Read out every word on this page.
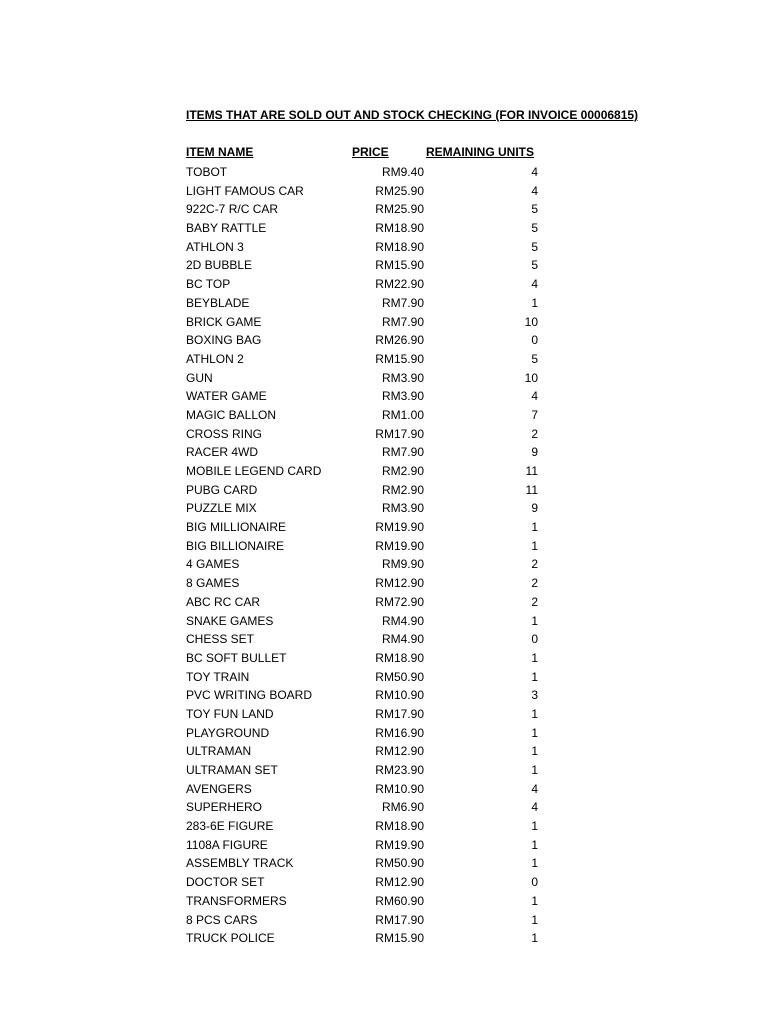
ITEMS THAT ARE SOLD OUT AND STOCK CHECKING (FOR INVOICE 00006815)
ITEM NAME	PRICE	REMAINING UNITS
TOBOT	RM9.40	4
LIGHT FAMOUS CAR	RM25.90	4
922C-7 R/C CAR	RM25.90	5
BABY RATTLE	RM18.90	5
ATHLON 3	RM18.90	5
2D BUBBLE	RM15.90	5
BC TOP	RM22.90	4
BEYBLADE	RM7.90	1
BRICK GAME	RM7.90	10
BOXING BAG	RM26.90	0
ATHLON 2	RM15.90	5
GUN	RM3.90	10
WATER GAME	RM3.90	4
MAGIC BALLON	RM1.00	7
CROSS RING	RM17.90	2
RACER 4WD	RM7.90	9
MOBILE LEGEND CARD	RM2.90	11
PUBG CARD	RM2.90	11
PUZZLE MIX	RM3.90	9
BIG MILLIONAIRE	RM19.90	1
BIG BILLIONAIRE	RM19.90	1
4 GAMES	RM9.90	2
8 GAMES	RM12.90	2
ABC RC CAR	RM72.90	2
SNAKE GAMES	RM4.90	1
CHESS SET	RM4.90	0
BC SOFT BULLET	RM18.90	1
TOY TRAIN	RM50.90	1
PVC WRITING BOARD	RM10.90	3
TOY FUN LAND	RM17.90	1
PLAYGROUND	RM16.90	1
ULTRAMAN	RM12.90	1
ULTRAMAN SET	RM23.90	1
AVENGERS	RM10.90	4
SUPERHERO	RM6.90	4
283-6E FIGURE	RM18.90	1
1108A FIGURE	RM19.90	1
ASSEMBLY TRACK	RM50.90	1
DOCTOR SET	RM12.90	0
TRANSFORMERS	RM60.90	1
8 PCS CARS	RM17.90	1
TRUCK POLICE	RM15.90	1
